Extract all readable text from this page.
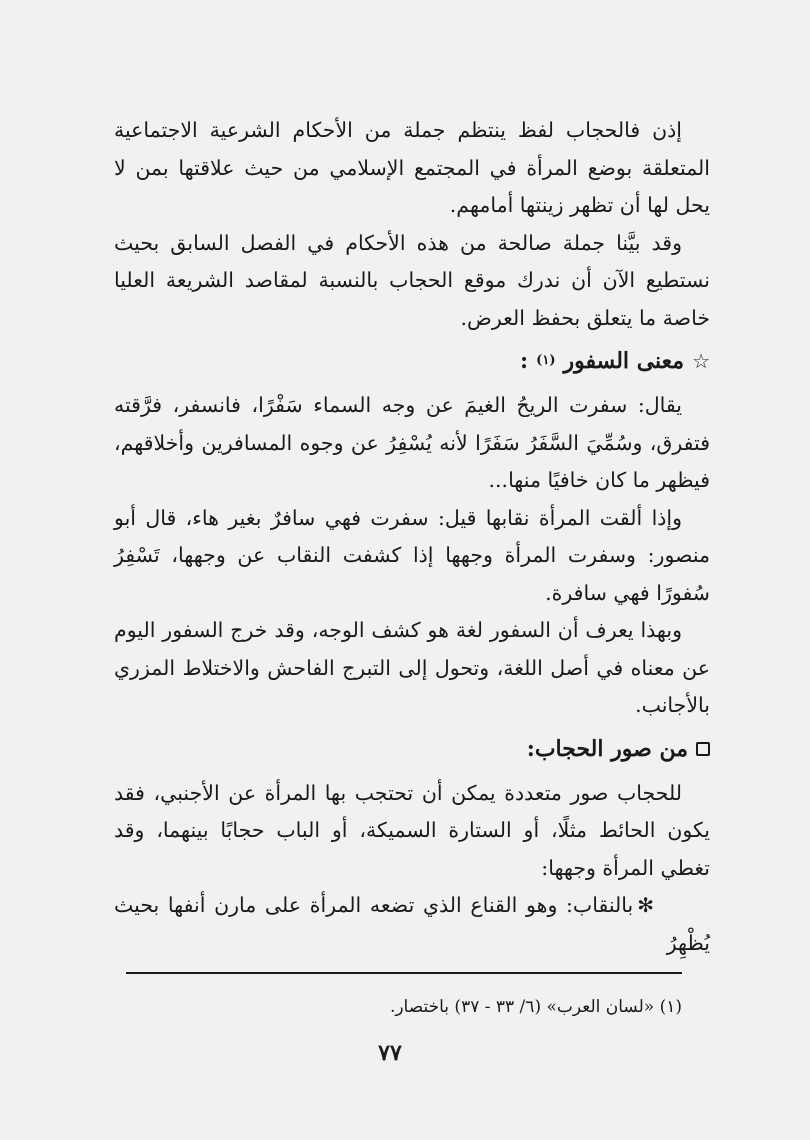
إذن فالحجاب لفظ ينتظم جملة من الأحكام الشرعية الاجتماعية المتعلقة بوضع المرأة في المجتمع الإسلامي من حيث علاقتها بمن لا يحل لها أن تظهر زينتها أمامهم.

وقد بيَّنا جملة صالحة من هذه الأحكام في الفصل السابق بحيث نستطيع الآن أن ندرك موقع الحجاب بالنسبة لمقاصد الشريعة العليا خاصة ما يتعلق بحفظ العرض.

☆
معنى السفور
(١)
:

يقال: سفرت الريحُ الغيمَ عن وجه السماء سَفْرًا، فانسفر، فرَّقته فتفرق، وسُمِّيَ السَّفَرُ سَفَرًا لأنه يُسْفِرُ عن وجوه المسافرين وأخلاقهم، فيظهر ما كان خافيًا منها...

وإذا ألقت المرأة نقابها قيل: سفرت فهي سافرٌ بغير هاء، قال أبو منصور: وسفرت المرأة وجهها إذا كشفت النقاب عن وجهها، تَسْفِرُ سُفورًا فهي سافرة.

وبهذا يعرف أن السفور لغة هو كشف الوجه، وقد خرج السفور اليوم عن معناه في أصل اللغة، وتحول إلى التبرج الفاحش والاختلاط المزري بالأجانب.

من صور الحجاب:

للحجاب صور متعددة يمكن أن تحتجب بها المرأة عن الأجنبي، فقد يكون الحائط مثلًا، أو الستارة السميكة، أو الباب حجابًا بينهما، وقد تغطي المرأة وجهها:

✻بالنقاب: وهو القناع الذي تضعه المرأة على مارن أنفها بحيث يُظْهِرُ

(١) «لسان العرب» (٦/ ٣٣ - ٣٧) باختصار.
٧٧
